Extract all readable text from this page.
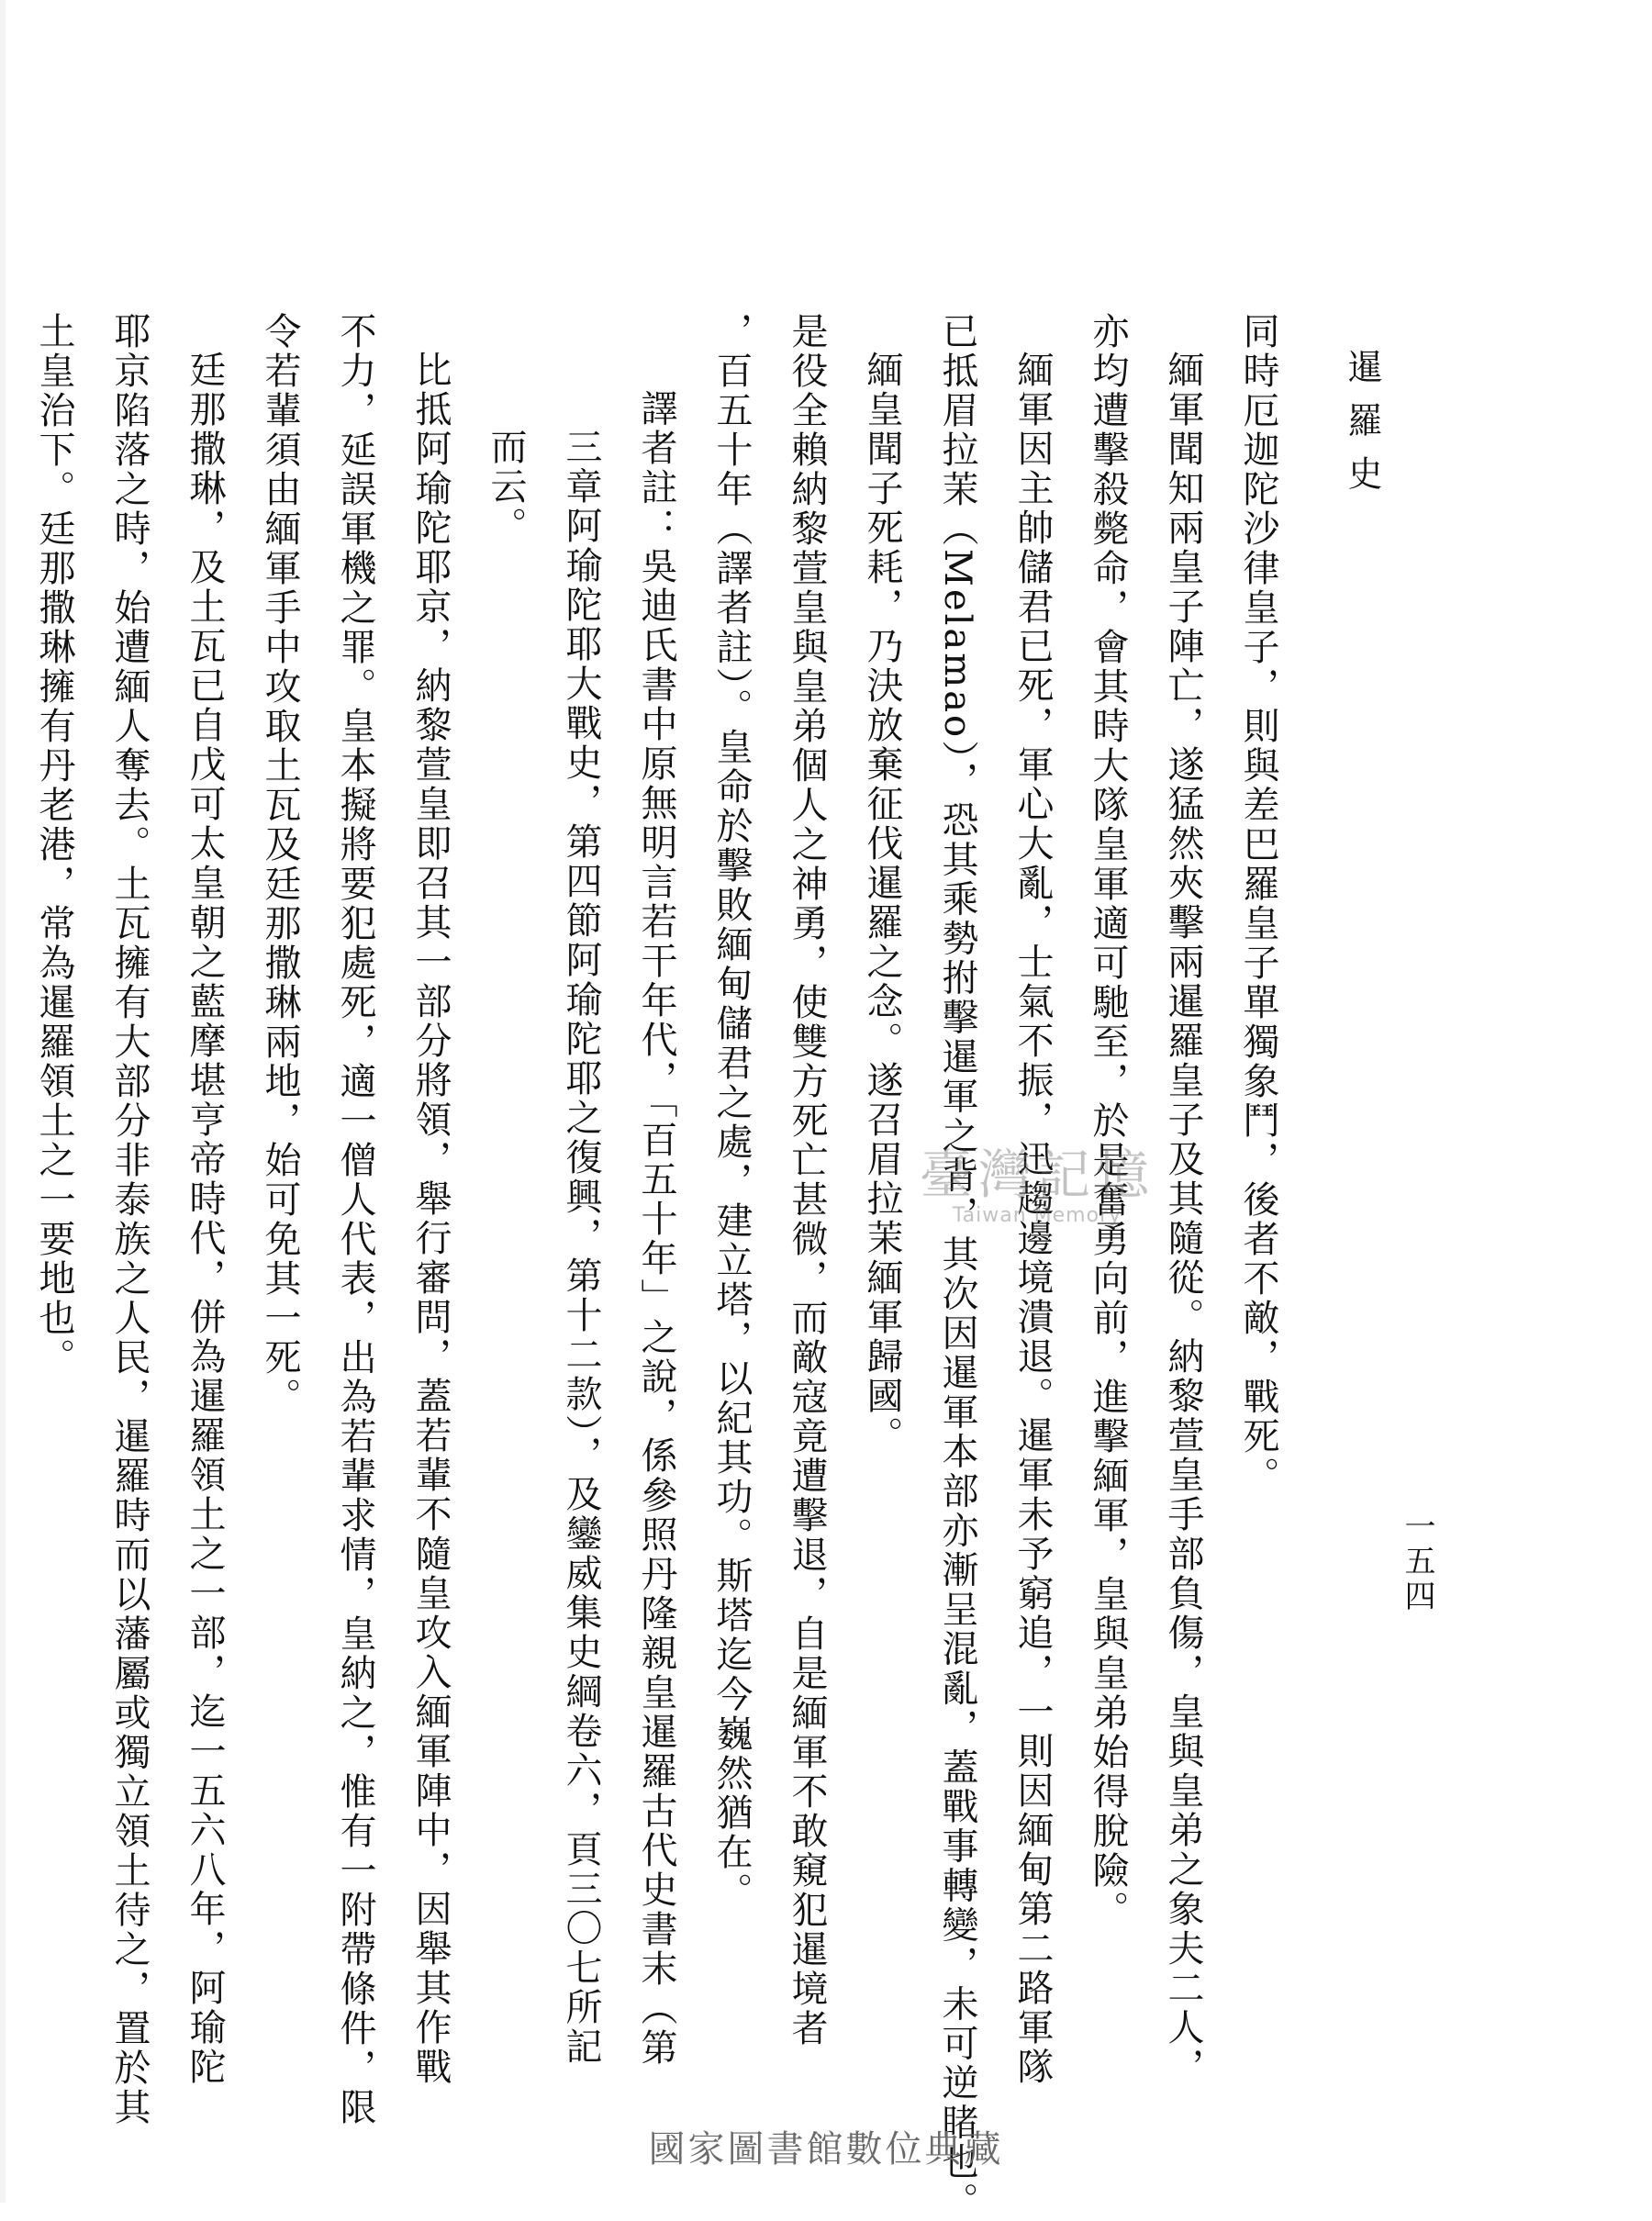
暹羅史
一五四

同時厄迦陀沙律皇子，則與差巴羅皇子單獨象鬥，後者不敵，戰死。

緬軍聞知兩皇子陣亡，遂猛然夾擊兩暹羅皇子及其隨從。納黎萱皇手部負傷，皇與皇弟之象夫二人，

亦均遭擊殺斃命，會其時大隊皇軍適可馳至，於是奮勇向前，進擊緬軍，皇與皇弟始得脫險。

緬軍因主帥儲君已死，軍心大亂，士氣不振，迅趨邊境潰退。暹軍未予窮追，一則因緬甸第二路軍隊

已抵眉拉茉（Melamao），恐其乘勢拊擊暹軍之背，其次因暹軍本部亦漸呈混亂，蓋戰事轉變，未可逆睹也。

緬皇聞子死耗，乃決放棄征伐暹羅之念。遂召眉拉茉緬軍歸國。

是役全賴納黎萱皇與皇弟個人之神勇，使雙方死亡甚微，而敵寇竟遭擊退，自是緬軍不敢窺犯暹境者

，百五十年（譯者註）。皇命於擊敗緬甸儲君之處，建立塔，以紀其功。斯塔迄今巍然猶在。

譯者註：吳迪氏書中原無明言若干年代，「百五十年」之說，係參照丹隆親皇暹羅古代史書末（第

三章阿瑜陀耶大戰史，第四節阿瑜陀耶之復興，第十二款），及鑾威集史綱卷六，頁三〇七所記

而云。

比抵阿瑜陀耶京，納黎萱皇即召其一部分將領，舉行審問，蓋若輩不隨皇攻入緬軍陣中，因舉其作戰

不力，延誤軍機之罪。皇本擬將要犯處死，適一僧人代表，出為若輩求情，皇納之，惟有一附帶條件，限

令若輩須由緬軍手中攻取土瓦及廷那撒琳兩地，始可免其一死。

廷那撒琳，及土瓦已自戊可太皇朝之藍摩堪亨帝時代，併為暹羅領土之一部，迄一五六八年，阿瑜陀

耶京陷落之時，始遭緬人奪去。土瓦擁有大部分非泰族之人民，暹羅時而以藩屬或獨立領土待之，置於其

土皇治下。廷那撒琳擁有丹老港，常為暹羅領土之一要地也。	臺灣記憶
Taiwan Memory
國家圖書館數位典藏
